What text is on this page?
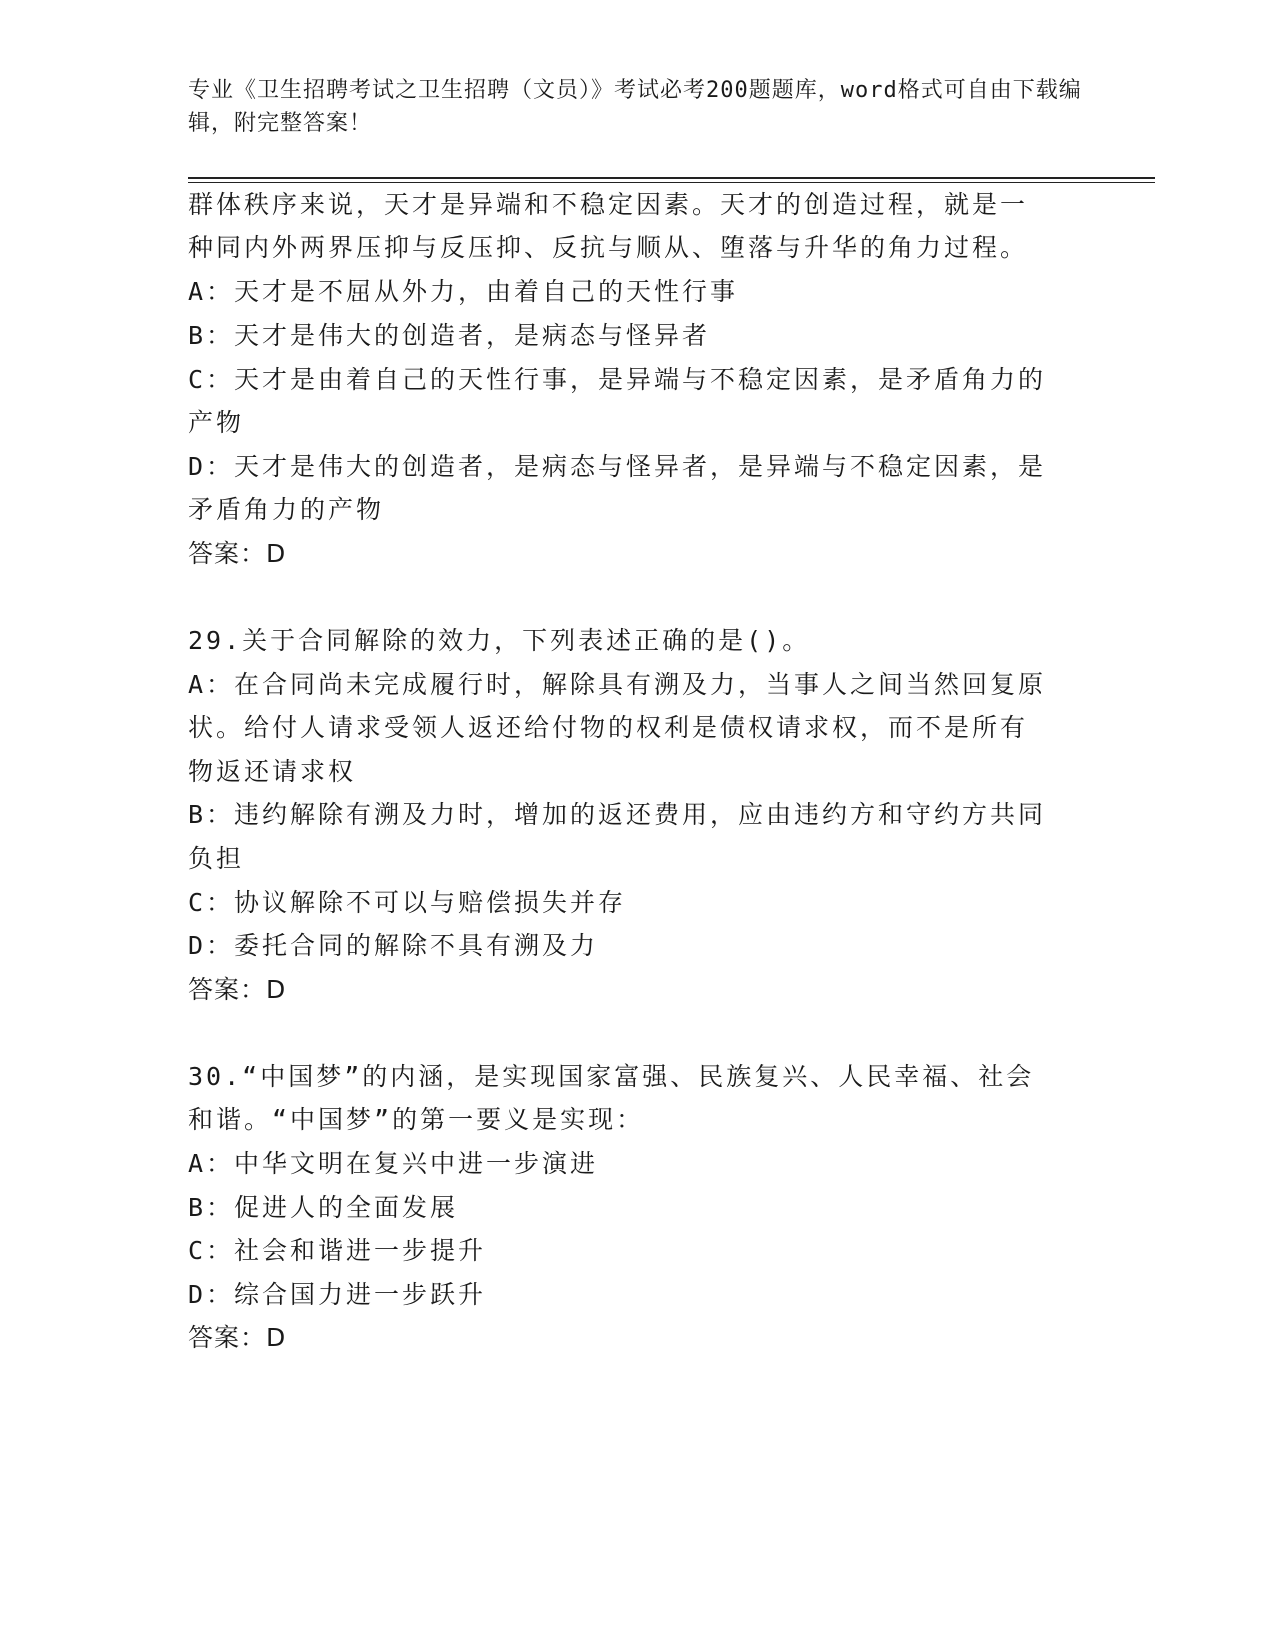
专业《卫生招聘考试之卫生招聘（文员）》考试必考200题题库，word格式可自由下载编辑，附完整答案！
群体秩序来说，天才是异端和不稳定因素。天才的创造过程，就是一
种同内外两界压抑与反压抑、反抗与顺从、堕落与升华的角力过程。
A：天才是不屈从外力，由着自己的天性行事
B：天才是伟大的创造者，是病态与怪异者
C：天才是由着自己的天性行事，是异端与不稳定因素，是矛盾角力的
产物
D：天才是伟大的创造者，是病态与怪异者，是异端与不稳定因素，是
矛盾角力的产物
答案：D
29.关于合同解除的效力，下列表述正确的是()。
A：在合同尚未完成履行时，解除具有溯及力，当事人之间当然回复原
状。给付人请求受领人返还给付物的权利是债权请求权，而不是所有
物返还请求权
B：违约解除有溯及力时，增加的返还费用，应由违约方和守约方共同
负担
C：协议解除不可以与赔偿损失并存
D：委托合同的解除不具有溯及力
答案：D
30.“中国梦”的内涵，是实现国家富强、民族复兴、人民幸福、社会
和谐。“中国梦”的第一要义是实现：
A：中华文明在复兴中进一步演进
B：促进人的全面发展
C：社会和谐进一步提升
D：综合国力进一步跃升
答案：D
